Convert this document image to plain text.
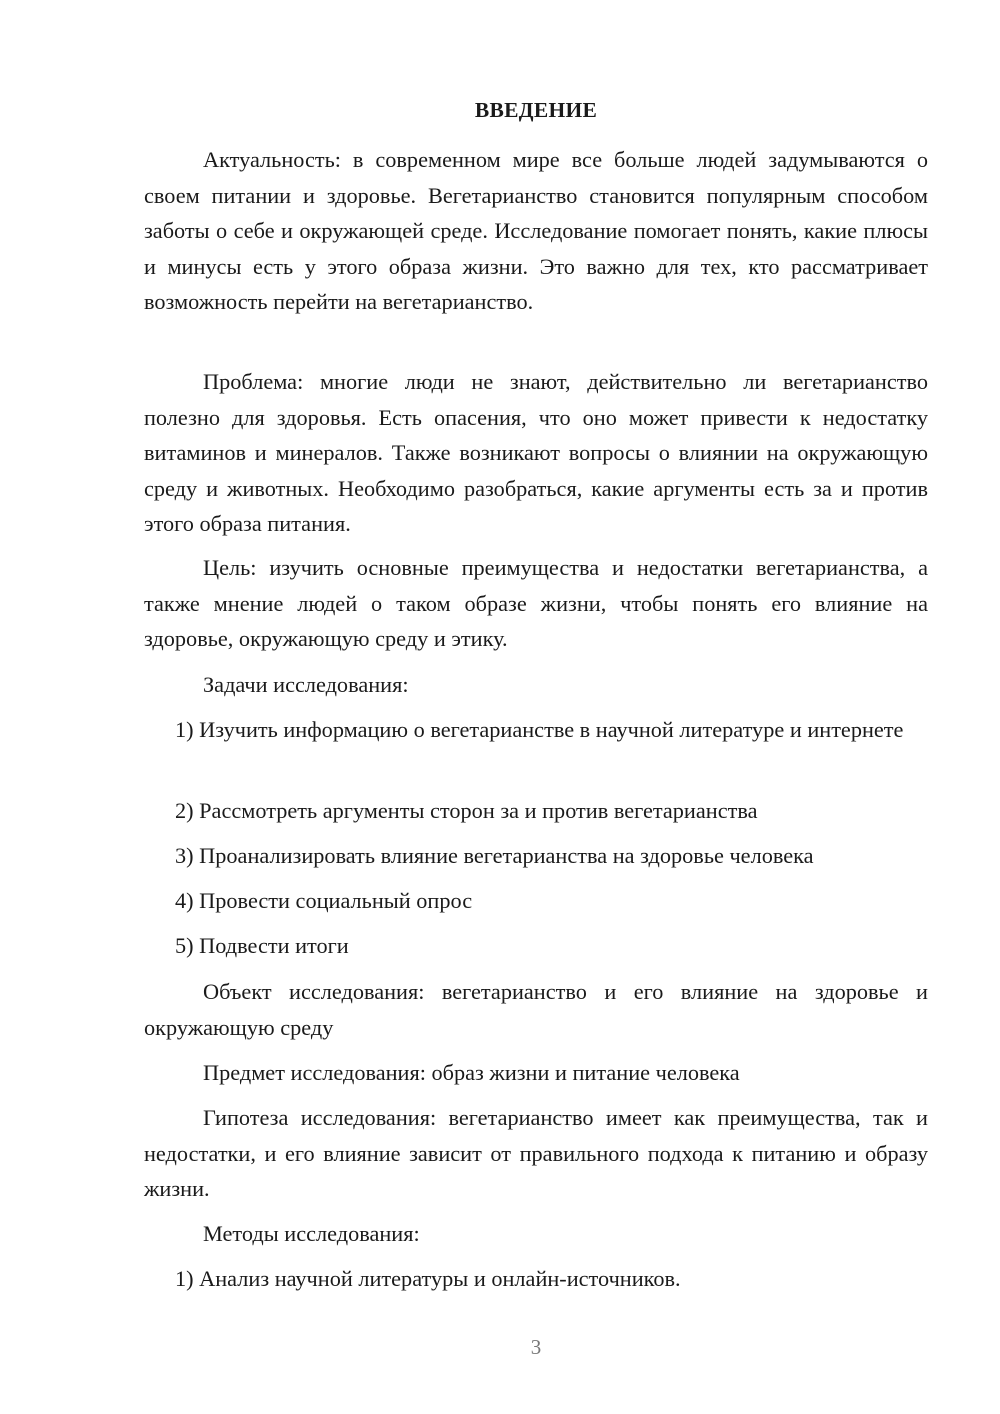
ВВЕДЕНИЕ

Актуальность: в современном мире все больше людей задумываются о своем питании и здоровье. Вегетарианство становится популярным способом заботы о себе и окружающей среде. Исследование помогает понять, какие плюсы и минусы есть у этого образа жизни. Это важно для тех, кто рассматривает возможность перейти на вегетарианство.

Проблема: многие люди не знают, действительно ли вегетарианство полезно для здоровья. Есть опасения, что оно может привести к недостатку витаминов и минералов. Также возникают вопросы о влиянии на окружающую среду и животных. Необходимо разобраться, какие аргументы есть за и против этого образа питания.

Цель: изучить основные преимущества и недостатки вегетарианства, а также мнение людей о таком образе жизни, чтобы понять его влияние на здоровье, окружающую среду и этику.

Задачи исследования:

1) Изучить информацию о вегетарианстве в научной литературе и интернете

2) Рассмотреть аргументы сторон за и против вегетарианства

3) Проанализировать влияние вегетарианства на здоровье человека

4) Провести социальный опрос

5) Подвести итоги

Объект исследования: вегетарианство и его влияние на здоровье и окружающую среду

Предмет исследования: образ жизни и питание человека

Гипотеза исследования: вегетарианство имеет как преимущества, так и недостатки, и его влияние зависит от правильного подхода к питанию и образу жизни.

Методы исследования:

1) Анализ научной литературы и онлайн-источников.

3
